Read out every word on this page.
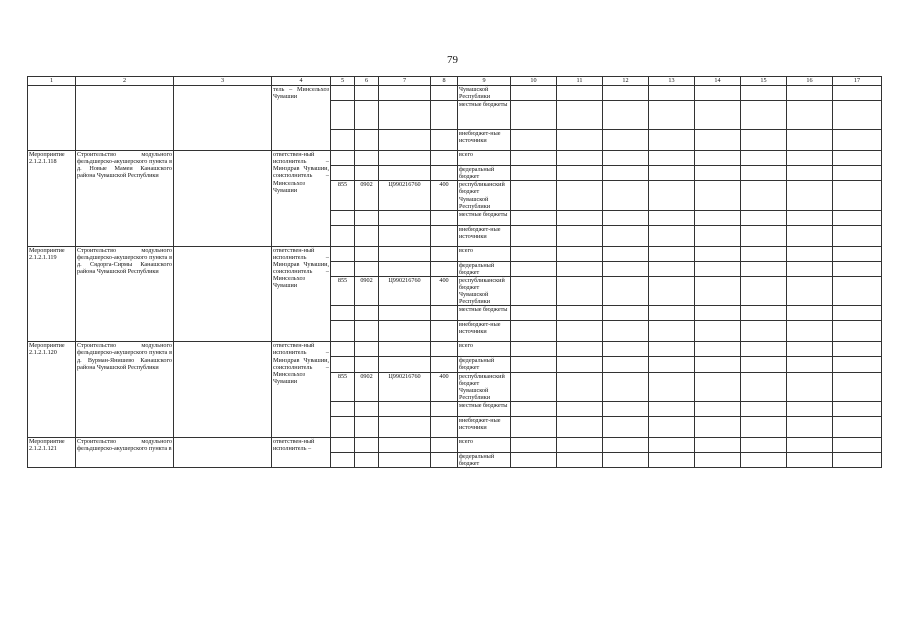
79
1	2	3	4	5	6	7	8	9	10	11	12	13	14	15	16	17
			тель – Минсельхоз Чувашии					Чувашской Республики								
								местные бюджеты								
								внебюджет-ные источники								
Мероприятие 2.1.2.1.118	Строительство модульного фельдшерско-акушерского пункта в д. Новые Мамеи Канашского района Чувашской Республики		ответствен-ный исполнитель – Минздрав Чувашии, соисполнитель – Минсельхоз Чувашии					всего								
								федеральный бюджет								
				855	0902	Ц990216760	400	республиканский бюджет Чувашской Республики								
								местные бюджеты								
								внебюджет-ные источники								
Мероприятие 2.1.2.1.119	Строительство модульного фельдшерско-акушерского пункта в д. Сядорга-Сирмы Канашского района Чувашской Республики		ответствен-ный исполнитель – Минздрав Чувашии, соисполнитель – Минсельхоз Чувашии					всего								
								федеральный бюджет								
				855	0902	Ц990216760	400	республиканский бюджет Чувашской Республики								
								местные бюджеты								
								внебюджет-ные источники								
Мероприятие 2.1.2.1.120	Строительство модульного фельдшерско-акушерского пункта в д. Вурман-Янишево Канашского района Чувашской Республики		ответствен-ный исполнитель – Минздрав Чувашии, соисполнитель – Минсельхоз Чувашии					всего								
								федеральный бюджет								
				855	0902	Ц990216760	400	республиканский бюджет Чувашской Республики								
								местные бюджеты								
								внебюджет-ные источники								
Мероприятие 2.1.2.1.121	Строительство модульного фельдшерско-акушерского пункта в		ответствен-ный исполнитель –					всего								
								федеральный бюджет								
